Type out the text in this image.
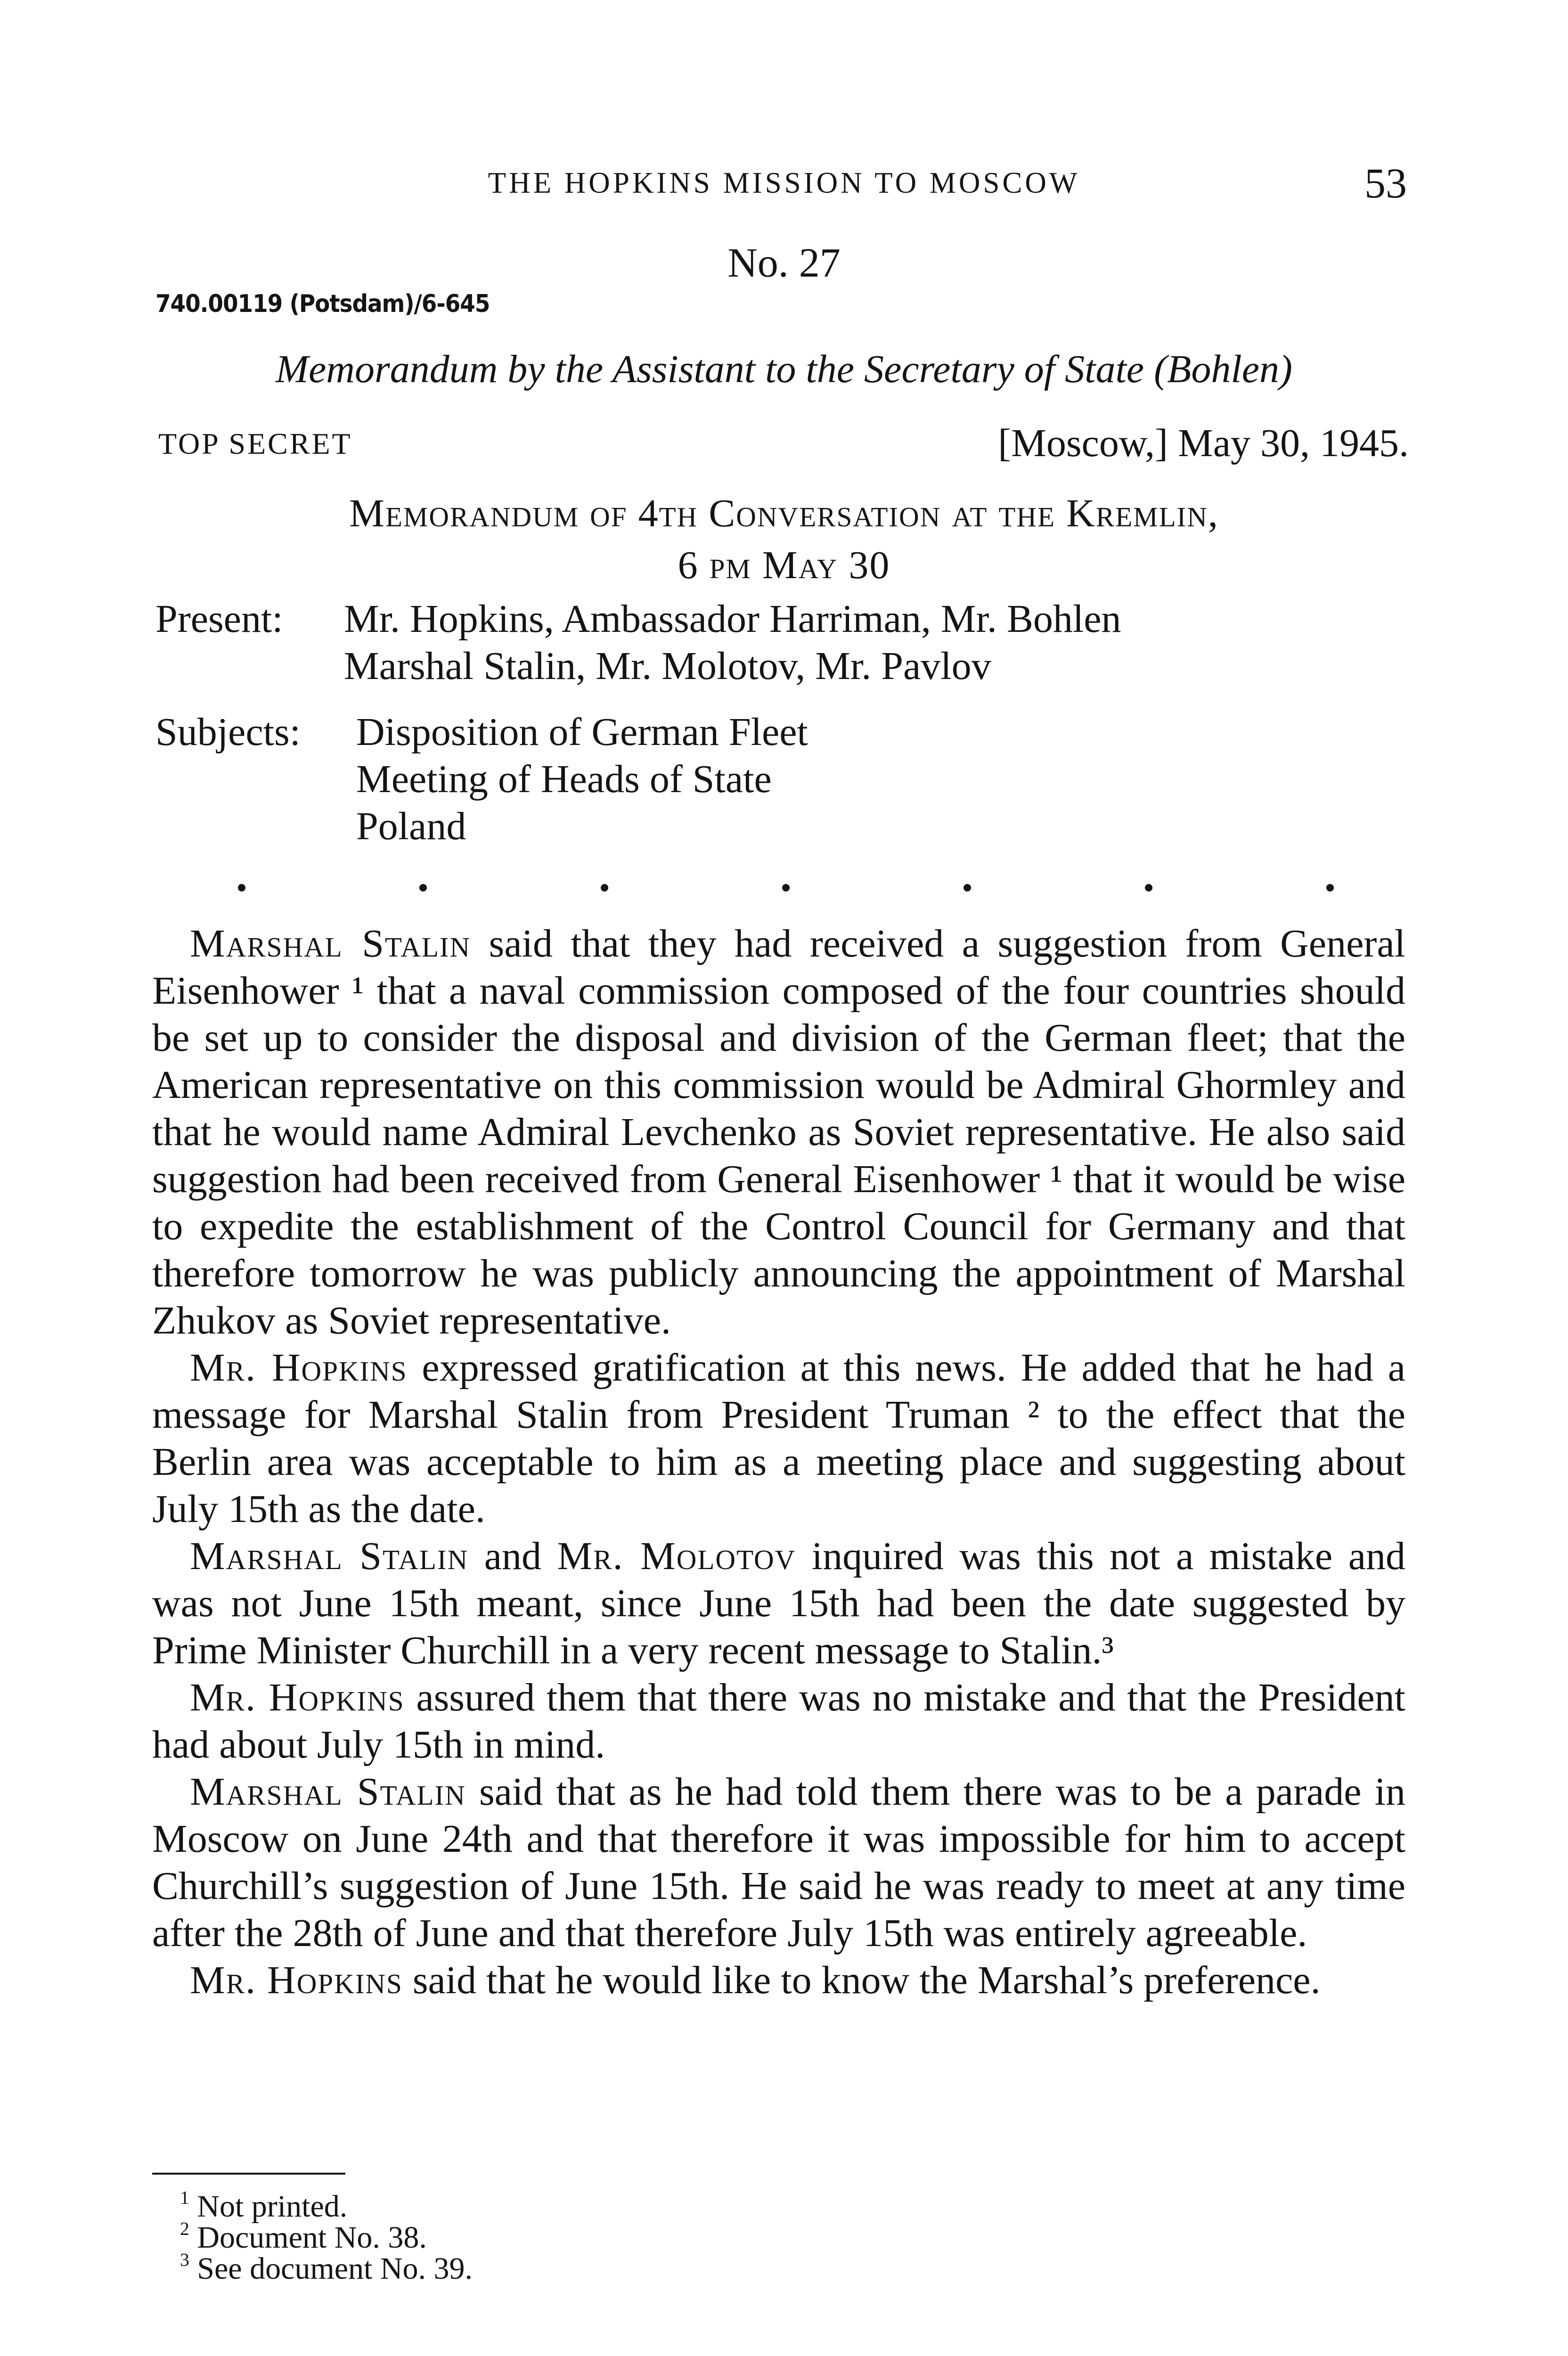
THE HOPKINS MISSION TO MOSCOW	53
No. 27
740.00119 (Potsdam)/6-645
Memorandum by the Assistant to the Secretary of State (Bohlen)
TOP SECRET	[Moscow,] May 30, 1945.
Memorandum of 4th Conversation at the Kremlin,
6 pm May 30
Present: Mr. Hopkins, Ambassador Harriman, Mr. Bohlen
Marshal Stalin, Mr. Molotov, Mr. Pavlov
Subjects: Disposition of German Fleet
Meeting of Heads of State
Poland

Marshal Stalin said that they had received a suggestion from General Eisenhower ¹ that a naval commission composed of the four countries should be set up to consider the disposal and division of the German fleet; that the American representative on this commission would be Admiral Ghormley and that he would name Admiral Levchenko as Soviet representative. He also said suggestion had been received from General Eisenhower ¹ that it would be wise to expedite the establishment of the Control Council for Germany and that therefore tomorrow he was publicly announcing the appointment of Marshal Zhukov as Soviet representative.

Mr. Hopkins expressed gratification at this news. He added that he had a message for Marshal Stalin from President Truman ² to the effect that the Berlin area was acceptable to him as a meeting place and suggesting about July 15th as the date.

Marshal Stalin and Mr. Molotov inquired was this not a mistake and was not June 15th meant, since June 15th had been the date suggested by Prime Minister Churchill in a very recent message to Stalin.³

Mr. Hopkins assured them that there was no mistake and that the President had about July 15th in mind.

Marshal Stalin said that as he had told them there was to be a parade in Moscow on June 24th and that therefore it was impossible for him to accept Churchill’s suggestion of June 15th. He said he was ready to meet at any time after the 28th of June and that therefore July 15th was entirely agreeable.

Mr. Hopkins said that he would like to know the Marshal’s preference.

$^1$ Not printed.
$^2$ Document No. 38.
$^3$ See document No. 39.
